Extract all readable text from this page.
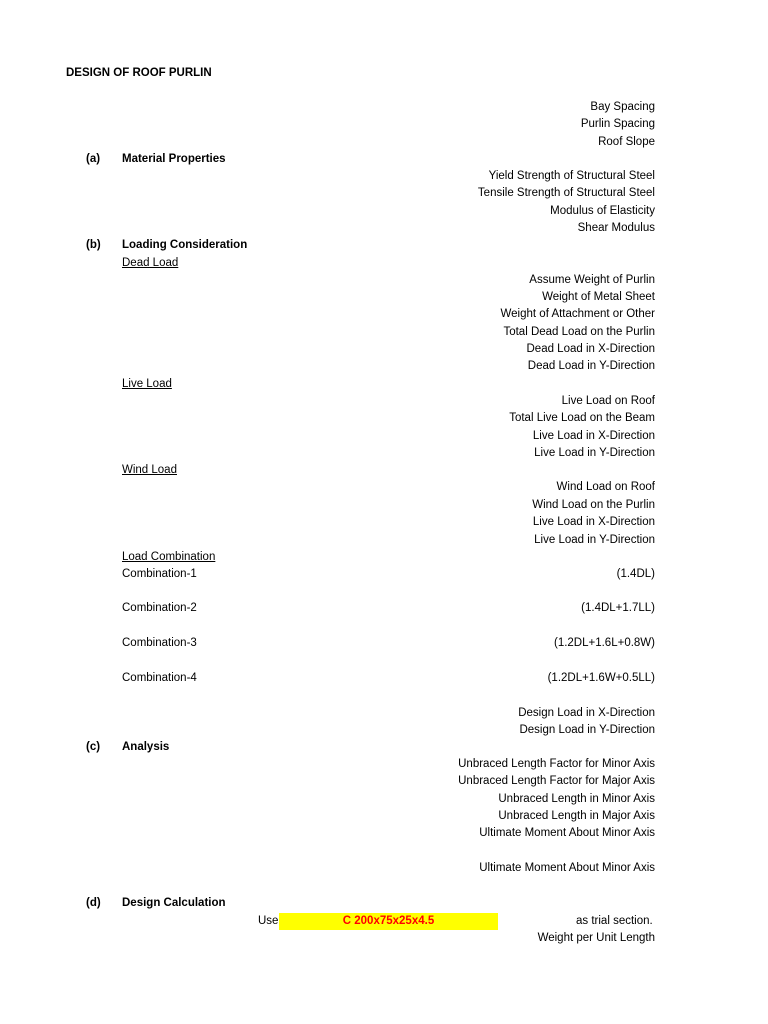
DESIGN OF ROOF PURLIN
Bay Spacing
Purlin Spacing
Roof Slope
(a) Material Properties
Yield Strength of Structural Steel
Tensile Strength of Structural Steel
Modulus of Elasticity
Shear Modulus
(b) Loading Consideration
Dead Load
Assume Weight of Purlin
Weight of Metal Sheet
Weight of Attachment or Other
Total Dead Load on the Purlin
Dead Load in X-Direction
Dead Load in Y-Direction
Live Load
Live Load on Roof
Total Live Load on the Beam
Live Load in X-Direction
Live Load in Y-Direction
Wind Load
Wind Load on Roof
Wind Load on the Purlin
Live Load in X-Direction
Live Load in Y-Direction
Load Combination
Combination-1	(1.4DL)
Combination-2	(1.4DL+1.7LL)
Combination-3	(1.2DL+1.6L+0.8W)
Combination-4	(1.2DL+1.6W+0.5LL)
Design Load in X-Direction
Design Load in Y-Direction
(c) Analysis
Unbraced Length Factor for Minor Axis
Unbraced Length Factor for Major Axis
Unbraced Length in Minor Axis
Unbraced Length in Major Axis
Ultimate Moment About Minor Axis
Ultimate Moment About Minor Axis
(d) Design Calculation
Use	C 200x75x25x4.5	as trial section.
Weight per Unit Length
